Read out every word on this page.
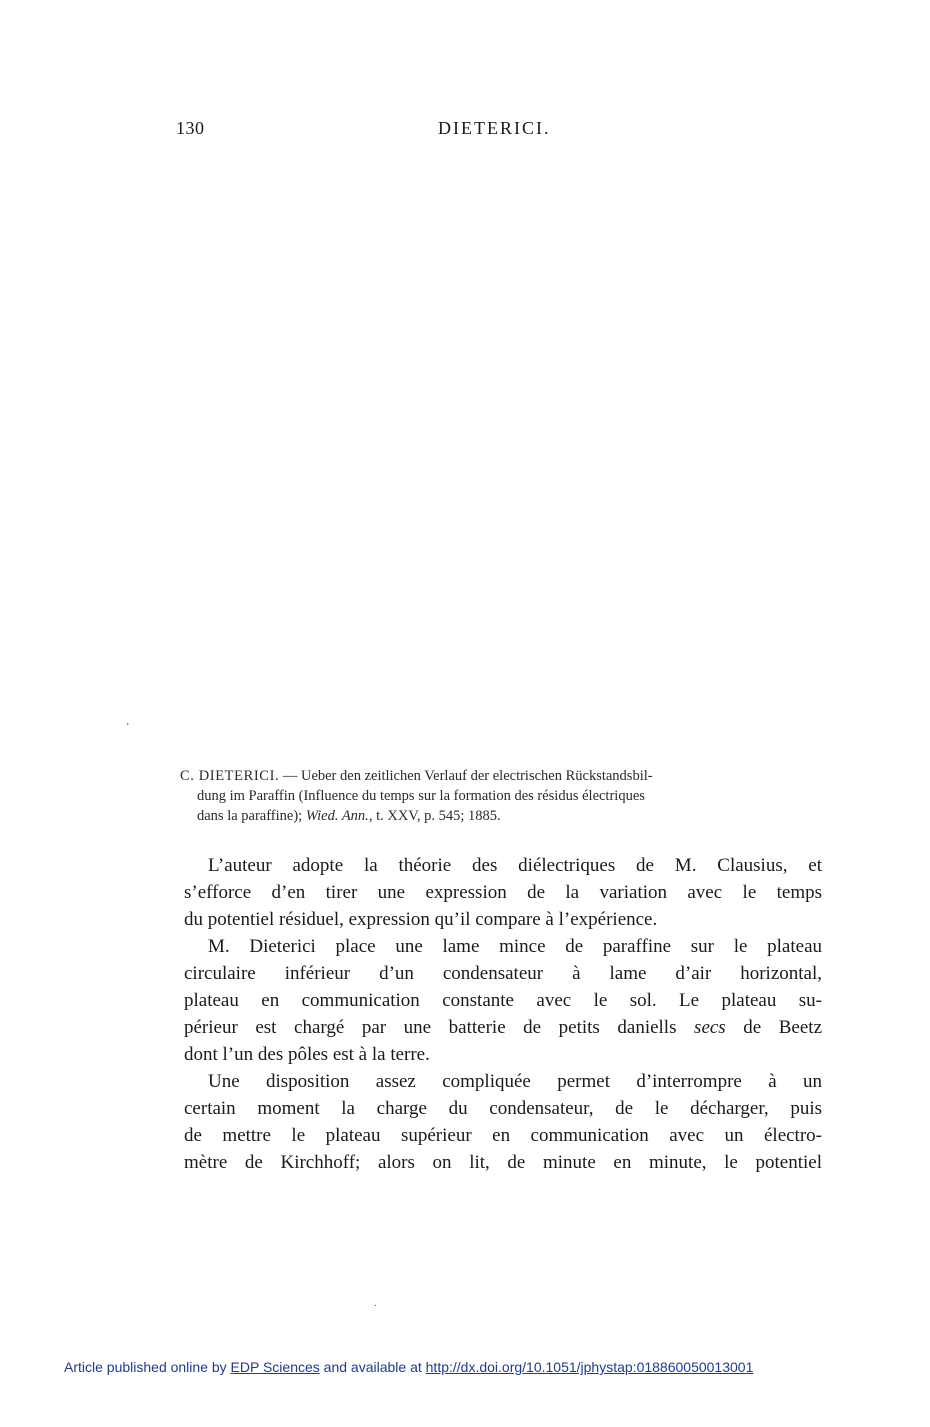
130	DIETERICI.
’
C. DIETERICI. — Ueber den zeitlichen Verlauf der electrischen Rückstandsbil-
dung im Paraffin (Influence du temps sur la formation des résidus électriques
dans la paraffine); Wied. Ann., t. XXV, p. 545; 1885.
L’auteur adopte la théorie des diélectriques de M. Clausius, et
s’efforce d’en tirer une expression de la variation avec le temps
du potentiel résiduel, expression qu’il compare à l’expérience.
M. Dieterici place une lame mince de paraffine sur le plateau
circulaire inférieur d’un condensateur à lame d’air horizontal,
plateau en communication constante avec le sol. Le plateau su-
périeur est chargé par une batterie de petits daniells secs de Beetz
dont l’un des pôles est à la terre.
Une disposition assez compliquée permet d’interrompre à un
certain moment la charge du condensateur, de le décharger, puis
de mettre le plateau supérieur en communication avec un électro-
mètre de Kirchhoff; alors on lit, de minute en minute, le potentiel
.
Article published online by EDP Sciences and available at http://dx.doi.org/10.1051/jphystap:018860050013001
